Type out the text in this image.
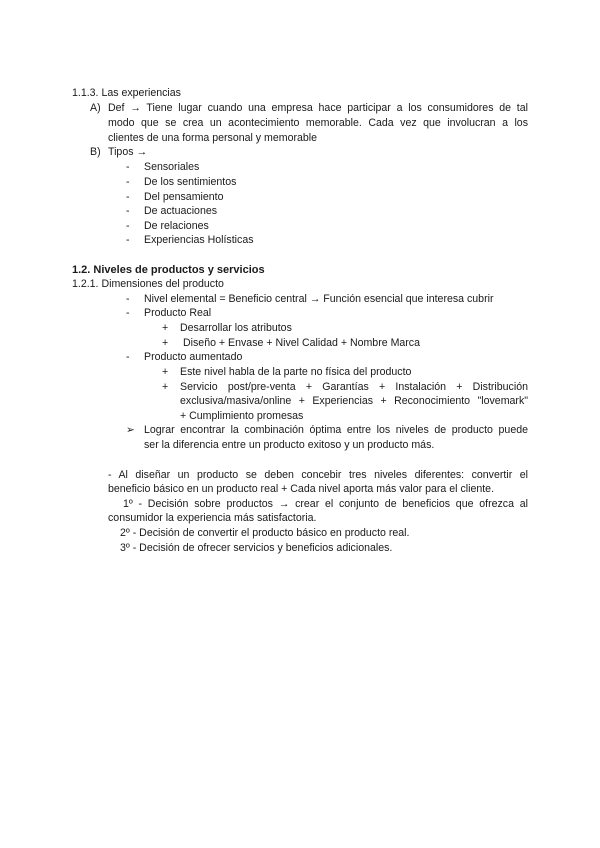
1.1.3. Las experiencias
A) Def → Tiene lugar cuando una empresa hace participar a los consumidores de tal
modo que se crea un acontecimiento memorable. Cada vez que involucran a los
clientes de una forma personal y memorable
B) Tipos →
- Sensoriales
- De los sentimientos
- Del pensamiento
- De actuaciones
- De relaciones
- Experiencias Holísticas
1.2. Niveles de productos y servicios
1.2.1. Dimensiones del producto
- Nivel elemental = Beneficio central → Función esencial que interesa cubrir
- Producto Real
+ Desarrollar los atributos
+ Diseño + Envase + Nivel Calidad + Nombre Marca
- Producto aumentado
+ Este nivel habla de la parte no física del producto
+ Servicio post/pre-venta + Garantías + Instalación + Distribución
exclusiva/masiva/online + Experiencias + Reconocimiento "lovemark"
+ Cumplimiento promesas
➢ Lograr encontrar la combinación óptima entre los niveles de producto puede
ser la diferencia entre un producto exitoso y un producto más.
- Al diseñar un producto se deben concebir tres niveles diferentes: convertir el
beneficio básico en un producto real + Cada nivel aporta más valor para el cliente.
1º - Decisión sobre productos → crear el conjunto de beneficios que ofrezca al
consumidor la experiencia más satisfactoria.
2º - Decisión de convertir el producto básico en producto real.
3º - Decisión de ofrecer servicios y beneficios adicionales.
